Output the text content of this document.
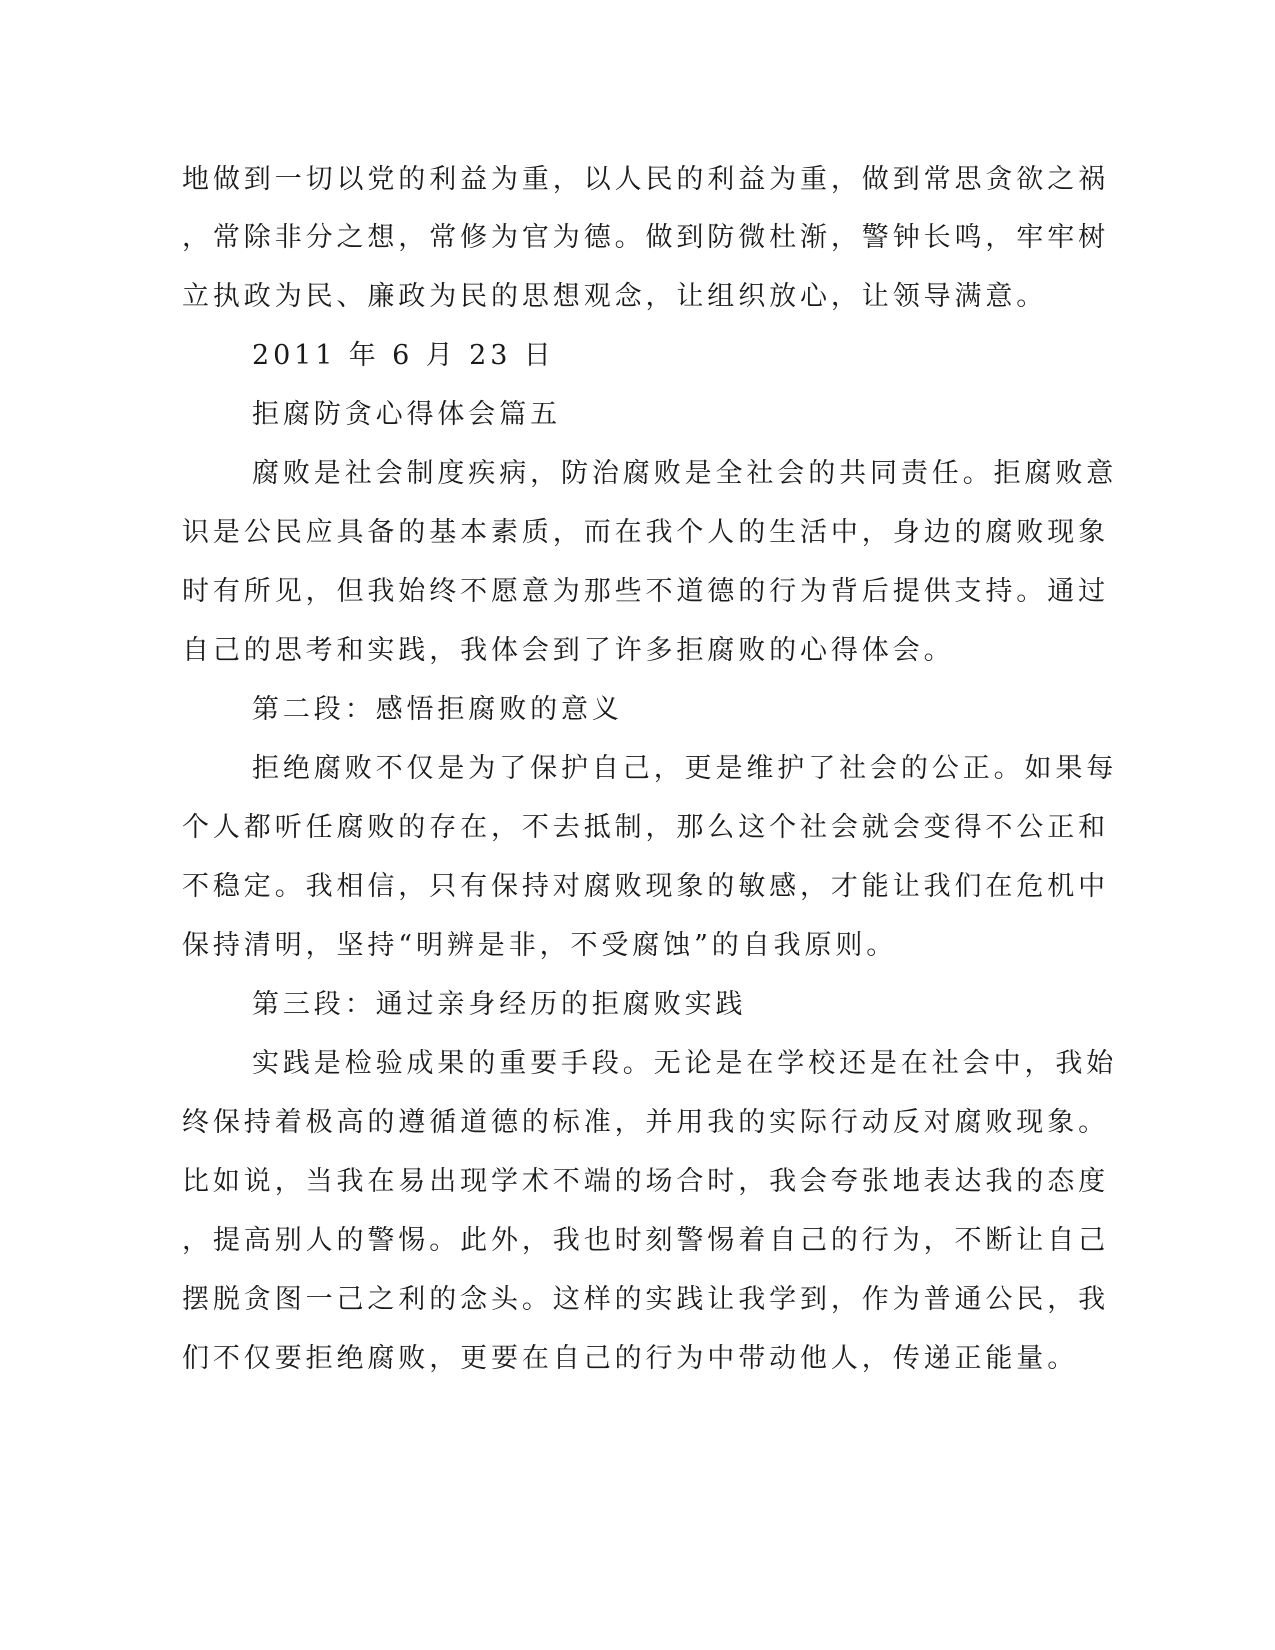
地做到一切以党的利益为重，以人民的利益为重，做到常思贪欲之祸
，常除非分之想，常修为官为德。做到防微杜渐，警钟长鸣，牢牢树
立执政为民、廉政为民的思想观念，让组织放心，让领导满意。
2011 年 6 月 23 日
拒腐防贪心得体会篇五
腐败是社会制度疾病，防治腐败是全社会的共同责任。拒腐败意
识是公民应具备的基本素质，而在我个人的生活中，身边的腐败现象
时有所见，但我始终不愿意为那些不道德的行为背后提供支持。通过
自己的思考和实践，我体会到了许多拒腐败的心得体会。
第二段：感悟拒腐败的意义
拒绝腐败不仅是为了保护自己，更是维护了社会的公正。如果每
个人都听任腐败的存在，不去抵制，那么这个社会就会变得不公正和
不稳定。我相信，只有保持对腐败现象的敏感，才能让我们在危机中
保持清明，坚持“明辨是非，不受腐蚀”的自我原则。
第三段：通过亲身经历的拒腐败实践
实践是检验成果的重要手段。无论是在学校还是在社会中，我始
终保持着极高的遵循道德的标准，并用我的实际行动反对腐败现象。
比如说，当我在易出现学术不端的场合时，我会夸张地表达我的态度
，提高别人的警惕。此外，我也时刻警惕着自己的行为，不断让自己
摆脱贪图一己之利的念头。这样的实践让我学到，作为普通公民，我
们不仅要拒绝腐败，更要在自己的行为中带动他人，传递正能量。
